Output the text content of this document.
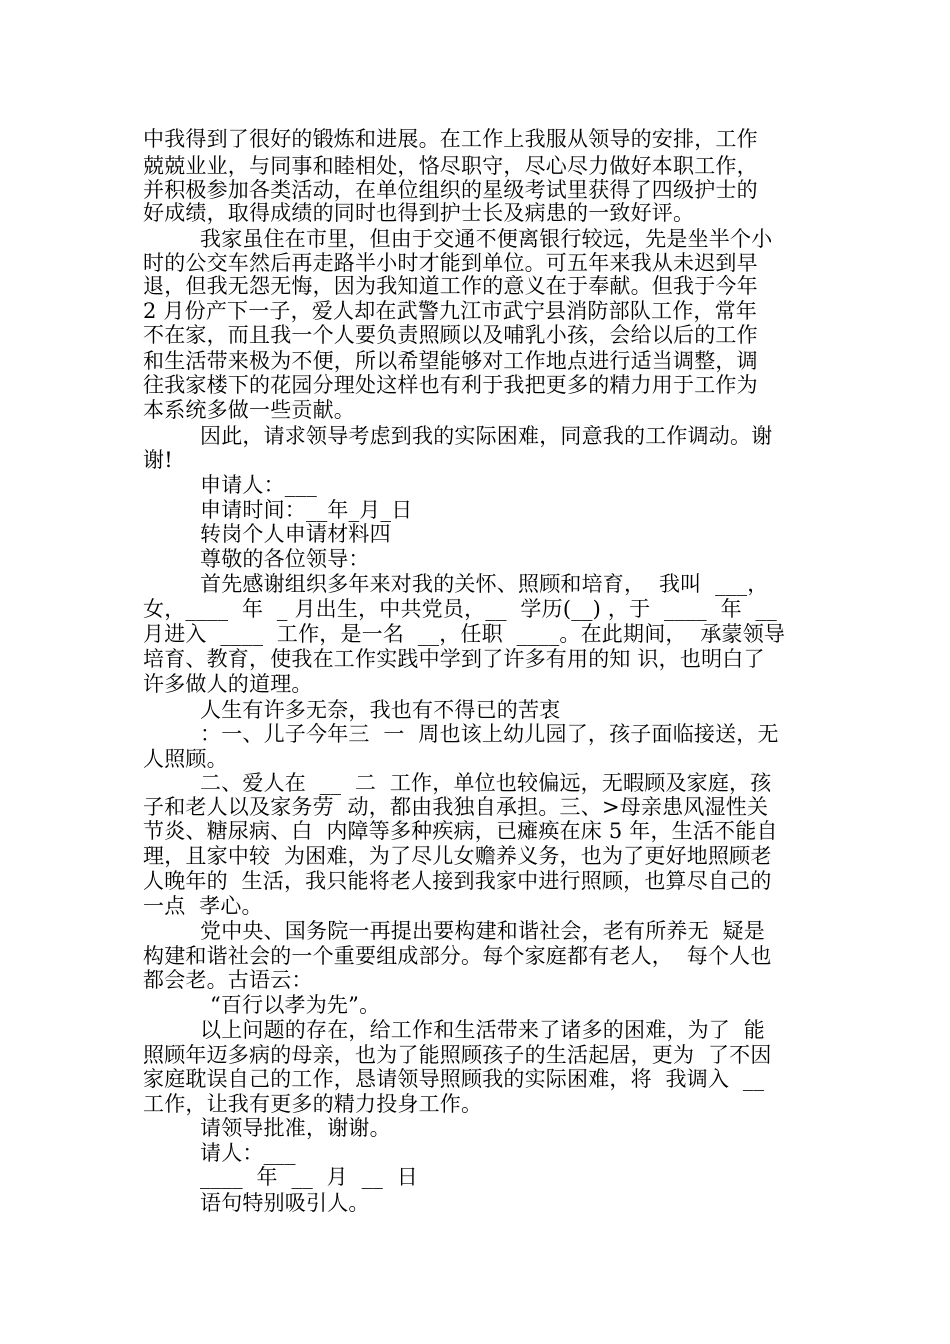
中我得到了很好的锻炼和进展。在工作上我服从领导的安排，工作
兢兢业业，与同事和睦相处，恪尽职守，尽心尽力做好本职工作，
并积极参加各类活动，在单位组织的星级考试里获得了四级护士的
好成绩，取得成绩的同时也得到护士长及病患的一致好评。
我家虽住在市里，但由于交通不便离银行较远，先是坐半个小
时的公交车然后再走路半小时才能到单位。可五年来我从未迟到早
退，但我无怨无悔，因为我知道工作的意义在于奉献。但我于今年
2 月份产下一子，爱人却在武警九江市武宁县消防部队工作，常年
不在家，而且我一个人要负责照顾以及哺乳小孩，会给以后的工作
和生活带来极为不便，所以希望能够对工作地点进行适当调整，调
往我家楼下的花园分理处这样也有利于我把更多的精力用于工作为
本系统多做一些贡献。
因此，请求领导考虑到我的实际困难，同意我的工作调动。谢
谢!
申请人：___
申请时间：__年_月_日
转岗个人申请材料四
尊敬的各位领导：
首先感谢组织多年来对我的关怀、照顾和培育，  我叫  ___，
女，____  年  _ 月出生，中共党员，__  学历(__) ，于  ____  年  __
月进入  ____  工作，是一名  __，任职  ____。在此期间，  承蒙领导
培育、教育，使我在工作实践中学到了许多有用的知 识，也明白了
许多做人的道理。
人生有许多无奈，我也有不得已的苦衷
：一、儿子今年三  一  周也该上幼儿园了，孩子面临接送，无
人照顾。
二、爱人在  __  二  工作，单位也较偏远，无暇顾及家庭，孩
子和老人以及家务劳  动，都由我独自承担。三、>母亲患风湿性关
节炎、糖尿病、白  内障等多种疾病，已瘫痪在床 5 年，生活不能自
理，且家中较  为困难，为了尽儿女赡养义务，也为了更好地照顾老
人晚年的  生活，我只能将老人接到我家中进行照顾，也算尽自己的
一点  孝心。
党中央、国务院一再提出要构建和谐社会，老有所养无  疑是
构建和谐社会的一个重要组成部分。每个家庭都有老人，  每个人也
都会老。古语云：
“百行以孝为先”。
以上问题的存在，给工作和生活带来了诸多的困难，为了  能
照顾年迈多病的母亲，也为了能照顾孩子的生活起居，更为  了不因
家庭耽误自己的工作，恳请领导照顾我的实际困难，将  我调入  __
工作，让我有更多的精力投身工作。
请领导批准，谢谢。
请人：___
____  年  __  月  __  日
语句特别吸引人。
